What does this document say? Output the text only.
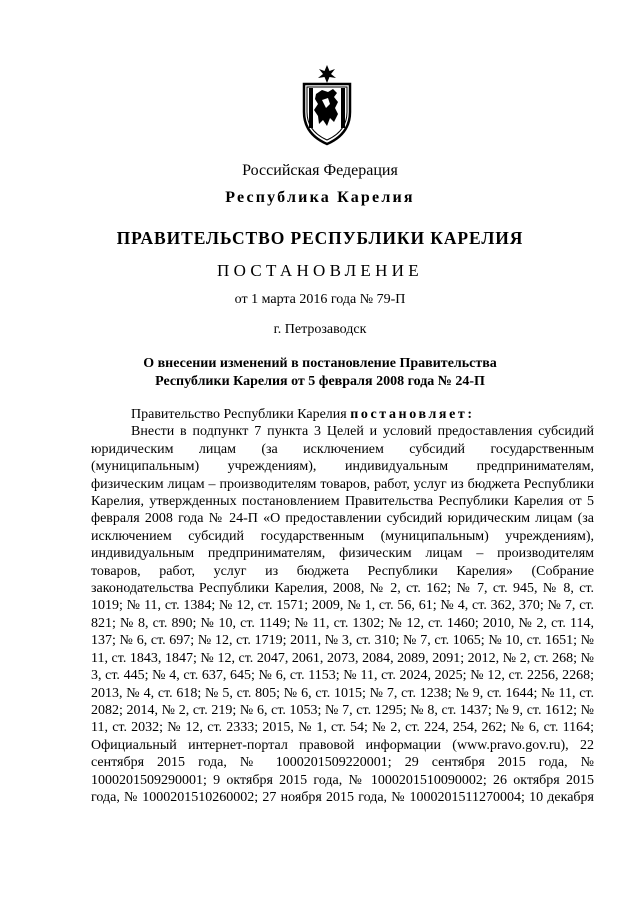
Российская Федерация
Республика Карелия
ПРАВИТЕЛЬСТВО РЕСПУБЛИКИ КАРЕЛИЯ
ПОСТАНОВЛЕНИЕ
от 1 марта 2016 года № 79-П
г. Петрозаводск
О внесении изменений в постановление Правительства
Республики Карелия от 5 февраля 2008 года № 24-П

Правительство Республики Карелия постановляет:

Внести в подпункт 7 пункта 3 Целей и условий предоставления субсидий юридическим лицам (за исключением субсидий государственным (муниципальным) учреждениям), индивидуальным предпринимателям, физическим лицам – производителям товаров, работ, услуг из бюджета Республики Карелия, утвержденных постановлением Правительства Республики Карелия от 5 февраля 2008 года № 24-П «О предоставлении субсидий юридическим лицам (за исключением субсидий государственным (муниципальным) учреждениям), индивидуальным предпринимателям, физическим лицам – производителям товаров, работ, услуг из бюджета Республики Карелия» (Собрание законодательства Республики Карелия, 2008, № 2, ст. 162; № 7, ст. 945, № 8, ст. 1019; № 11, ст. 1384; № 12, ст. 1571; 2009, № 1, ст. 56, 61; № 4, ст. 362, 370; № 7, ст. 821; № 8, ст. 890; № 10, ст. 1149; № 11, ст. 1302; № 12, ст. 1460; 2010, № 2, ст. 114, 137; № 6, ст. 697; № 12, ст. 1719; 2011, № 3, ст. 310; № 7, ст. 1065; № 10, ст. 1651; № 11, ст. 1843, 1847; № 12, ст. 2047, 2061, 2073, 2084, 2089, 2091; 2012, № 2, ст. 268; № 3, ст. 445; № 4, ст. 637, 645; № 6, ст. 1153; № 11, ст. 2024, 2025; № 12, ст. 2256, 2268; 2013, № 4, ст. 618; № 5, ст. 805; № 6, ст. 1015; № 7, ст. 1238; № 9, ст. 1644; № 11, ст. 2082; 2014, № 2, ст. 219; № 6, ст. 1053; № 7, ст. 1295; № 8, ст. 1437; № 9, ст. 1612; № 11, ст. 2032; № 12, ст. 2333; 2015, № 1, ст. 54; № 2, ст. 224, 254, 262; № 6, ст. 1164; Официальный интернет-портал правовой информации (www.pravo.gov.ru), 22 сентября 2015 года, № 1000201509220001; 29 сентября 2015 года, № 1000201509290001; 9 октября 2015 года, № 1000201510090002; 26 октября 2015 года, № 1000201510260002; 27 ноября 2015 года, № 1000201511270004; 10 декабря
